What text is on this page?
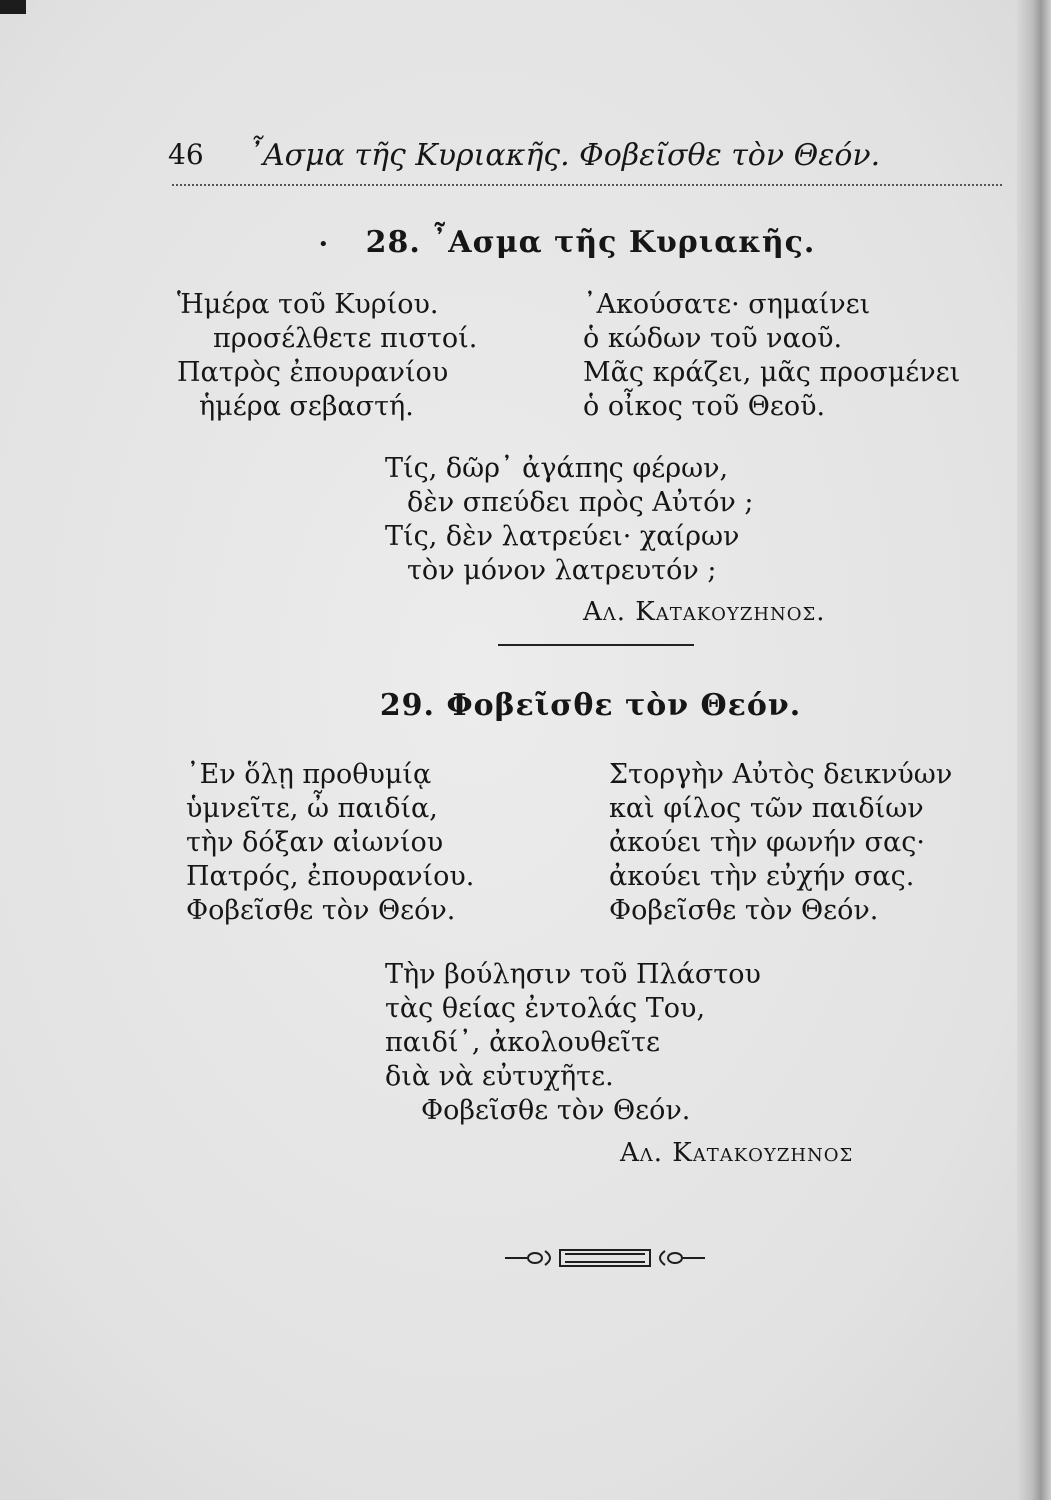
46 ῏Ασμα τῆς Κυριακῆς. Φοβεῖσθε τὸν Θεόν.
•	28. ῏Ασμα τῆς Κυριακῆς.
Ἡμέρα τοῦ Κυρίου.
προσέλθετε πιστοί.
Πατρὸς ἐπουρανίου
ἡμέρα σεβαστή.
᾿Ακούσατε· σημαίνει
ὁ κώδων τοῦ ναοῦ.
Μᾶς κράζει, μᾶς προσμένει
ὁ οἶκος τοῦ Θεοῦ.
Τίς, δῶρ᾿ ἀγάπης φέρων,
δὲν σπεύδει πρὸς Αὐτόν ;
Τίς, δὲν λατρεύει· χαίρων
τὸν μόνον λατρευτόν ;
Αλ. Κατακουζηνος.
29. Φοβεῖσθε τὸν Θεόν.
᾿Εν ὅλῃ προθυμίᾳ
ὑμνεῖτε, ὦ παιδία,
τὴν δόξαν αἰωνίου
Πατρός, ἐπουρανίου.
Φοβεῖσθε τὸν Θεόν.
Στοργὴν Αὐτὸς δεικνύων
καὶ φίλος τῶν παιδίων
ἀκούει τὴν φωνήν σας·
ἀκούει τὴν εὐχήν σας.
Φοβεῖσθε τὸν Θεόν.
Τὴν βούλησιν τοῦ Πλάστου
τὰς θείας ἐντολάς Του,
παιδί᾿, ἀκολουθεῖτε
διὰ νὰ εὐτυχῆτε.
Φοβεῖσθε τὸν Θεόν.
Αλ. Κατακουζηνος
